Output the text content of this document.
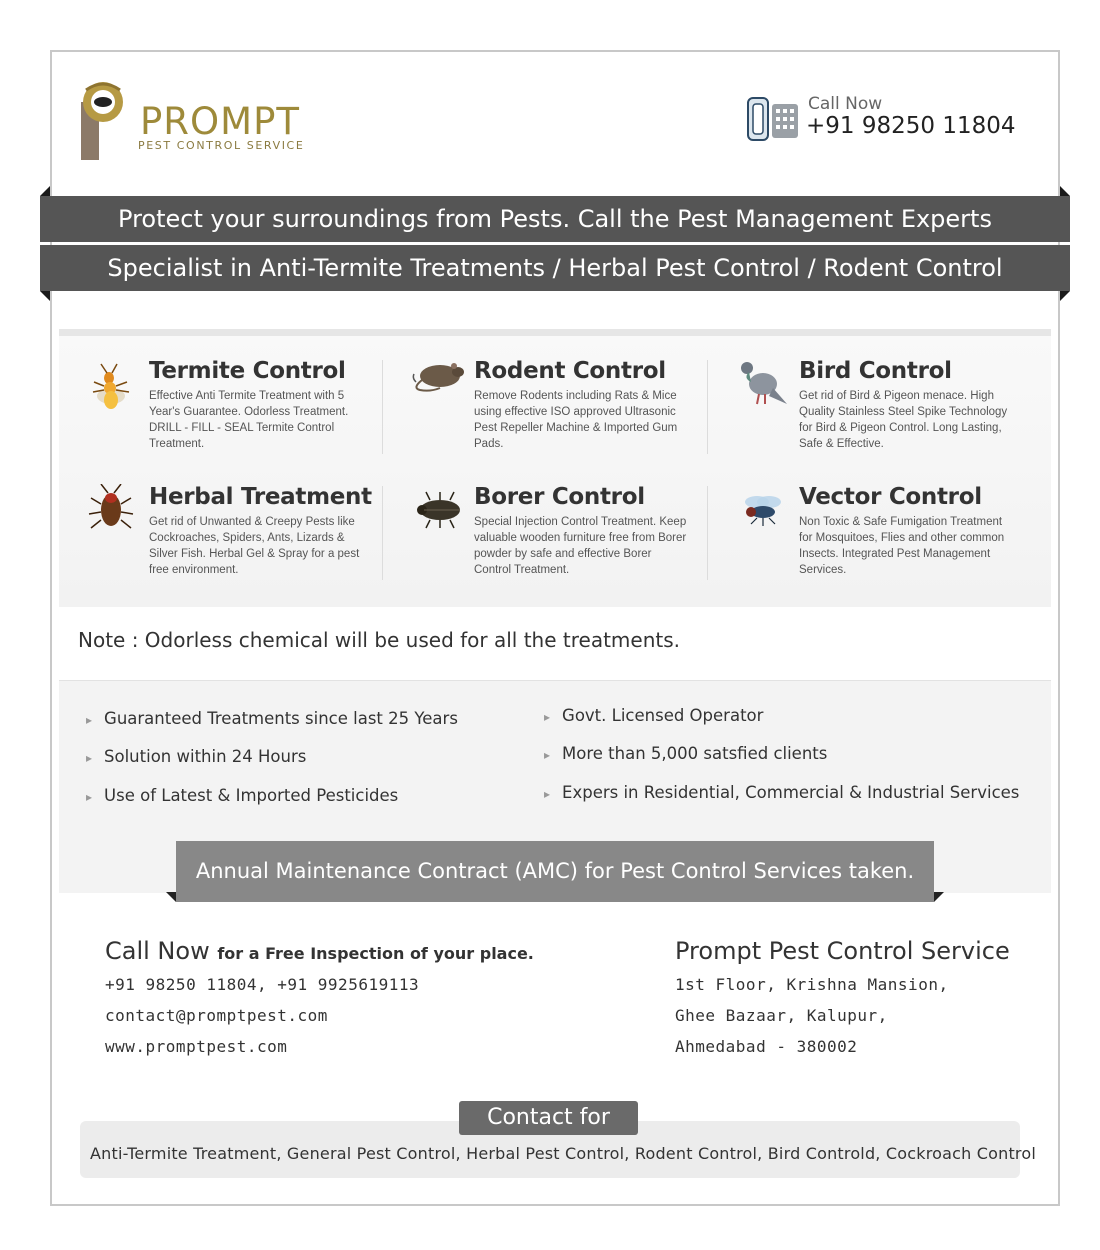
PROMPT
PEST CONTROL SERVICE
Call Now
+91 98250 11804
Protect your surroundings from Pests. Call the Pest Management Experts
Specialist in Anti-Termite Treatments / Herbal Pest Control / Rodent Control
Termite Control
Effective Anti Termite Treatment with 5 Year's Guarantee. Odorless Treatment. DRILL - FILL - SEAL Termite Control Treatment.
Rodent Control
Remove Rodents including Rats & Mice using effective ISO approved Ultrasonic Pest Repeller Machine & Imported Gum Pads.
Bird Control
Get rid of Bird & Pigeon menace. High Quality Stainless Steel Spike Technology for Bird & Pigeon Control. Long Lasting, Safe & Effective.
Herbal Treatment
Get rid of Unwanted & Creepy Pests like Cockroaches, Spiders, Ants, Lizards & Silver Fish. Herbal Gel & Spray for a pest free environment.
Borer Control
Special Injection Control Treatment. Keep valuable wooden furniture free from Borer powder by safe and effective Borer Control Treatment.
Vector Control
Non Toxic & Safe Fumigation Treatment for Mosquitoes, Flies and other common Insects. Integrated Pest Management Services.
Note : Odorless chemical will be used for all the treatments.
▸ Guaranteed Treatments since last 25 Years
▸ Solution within 24 Hours
▸ Use of Latest & Imported Pesticides
▸ Govt. Licensed Operator
▸ More than 5,000 satsfied clients
▸ Expers in Residential, Commercial & Industrial Services
Annual Maintenance Contract (AMC) for Pest Control Services taken.
Call Now for a Free Inspection of your place.
+91 98250 11804, +91 9925619113
contact@promptpest.com
www.promptpest.com
Prompt Pest Control Service
1st Floor, Krishna Mansion,
Ghee Bazaar, Kalupur,
Ahmedabad - 380002
Contact for
Anti-Termite Treatment, General Pest Control, Herbal Pest Control, Rodent Control, Bird Controld, Cockroach Control
